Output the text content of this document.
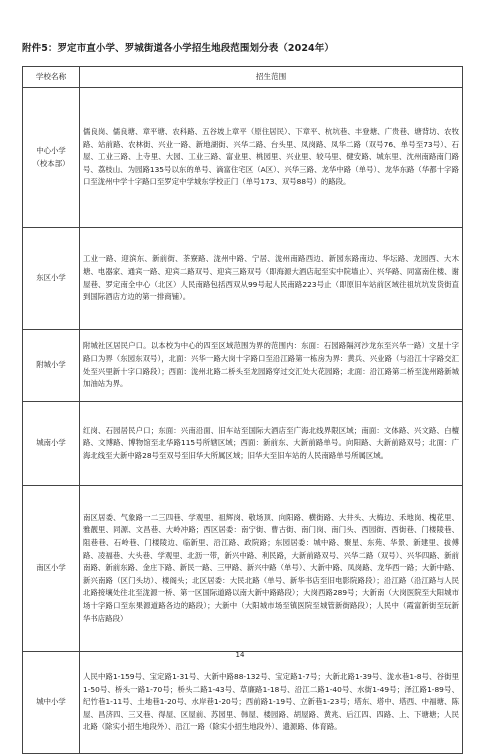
附件5：罗定市直小学、罗城街道各小学招生地段范围划分表（2024年）
学校名称	招生范围

中心小学
（校本部）	儒良岗、儒良塘、章平塘、农科路、五谷坡上章平（原住居民）、下章平、杭坑巷、丰登塘、广贵巷、塘背坊、农牧路、站前路、农林街、兴业一路、新地湖街、兴华二路、台头里、凤岗路、凤华二路（双号76、单号至73号）、石屋、工业三路、上寺里、大园、工业三路、富业里、桃园里、兴业里、较马里、健安路、城东里、沈州南路南门路号、荔枝山、为园路135号以东的单号、滴富住宅区（A区）、兴华三路、龙华中路（单号）、龙华东路（华都十字路口至泷州中学十字路口至罗定中学城东学校正门（单号173、双号88号）的路段。

东区小学	工业一路、迎滨东、新前街、茶寮路、泷州中路、宁居、泷州南路西边、新园东路南边、华坛路、龙园西、大木塘、电器家、通宾一路、迎宾二路双号、迎宾三路双号（即海源大酒店起至实中院墙止）、兴华路、同富南住楼、谢屋巷、罗定南全中心（北区）人民南路包括西双从99号起人民南路223号止（即原旧车站前区域往祖坑坑发货街直到国际酒店方边的第一排商铺）。

附城小学	附城社区居民户口。以本校为中心的四至区域范围为界的范围内：东面：石园路隔河沙龙东至兴华一路）文星十字路口为界（东园东双号），北面：兴华一路大岗十字路口至沿江路第一栋房为界：黄兵、兴业路（与沿江十字路交汇处至兴里新十字口路段）；西面：泷州北路二桥头至龙园路穿过交汇处大花园路；北面：沿江路第二桥至泷州路新城加油站为界。

城南小学	红岗、石园居民户口；东面：兴南沿面、旧车站至国际大酒店至广海北线界限区域；南面：文体路、兴文路、白檀路、文博路、博物馆至北华路115号所辖区域；西面：新前东、大新前路单号。向阳路、大新前路双号；北面：广海北线至大新中路28号至双号至旧华大所属区域；旧华大至旧车站的人民南路单号所属区域。

南区小学	南区居委、气象路一二三四巷、学观里、祖辉岗、敬场顶、向阳路、横街路、大井头、大梅边、禾地岗、槐花里、雅靓里、同源、文昌巷、大岭冲路；西区居委：南宁街、曹古街、南门岗、南门头、西园街、西街巷、门楼陵巷、阻巷巷、石岭巷、门楼陵边、临新里、沿江路、政院路；东园居委：城中路、聚星、东苑、华景、新建里、拔傅路、凌福巷、大头巷、学观里、北沥一带，新兴中路、利民路，大新前路双号、兴华二路（双号）、兴华四路、新前南路、新前东路、金庄下路、新民一路、三甲路、新兴中路（单号）、大新中路、凤岗路、龙华西一路；大新中路、新兴南路（区门头坊）、楼阁头；北区居委：大民北路（单号、新华书店至旧电影院路段）；沿江路（沿江路与人民北路接壤处往北至泷源一桥、第一区国际道路以南大新中路路段）；大岗西路289号；大新南（大岗医院至大阳城市场十字路口至东果源道路各边的路段）；大新中（大阳城市场至镇医院至城管新街路段）；人民中（霞富新街至玩新华书店路段）

城中小学	人民中路1-159号、宝定路1-31号、大新中路88-132号、宝定路1-7号；大新北路1-39号、泷水巷1-8号、谷街里1-50号、桥头一路1-70号；桥头二路1-43号、草廉路1-18号、沿江二路1-40号、水街1-49号；泽江路1-89号、纪竹巷1-11号、土地巷1-20号、水岸巷1-20号；西前路1-19号、立新巷1-23号；塔东、塔中、塔西、中福塘、陈屋、昌济四、三又巷、得屋、区屋前、苏园里、韩屋、楼园路、胡屋路、黄兆、后江四、四路、上、下塘塘；人民北路（除实小招生地段外）、沿江一路（除实小招生地段外）、遗源路、体育路。
14
